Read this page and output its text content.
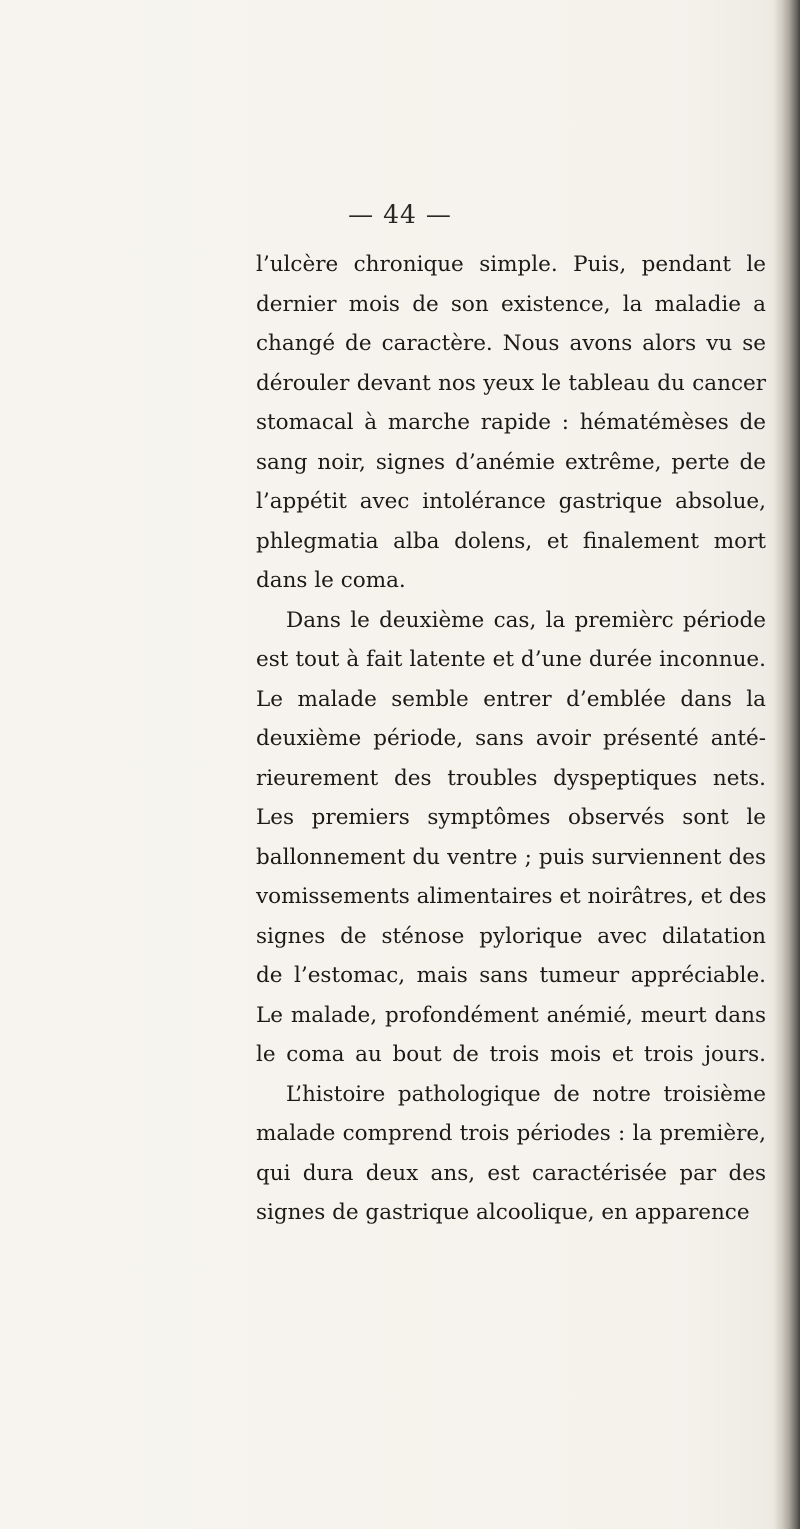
— 44 —
l’ulcère chronique simple. Puis, pendant le
dernier mois de son existence, la maladie a
changé de caractère. Nous avons alors vu se
dérouler devant nos yeux le tableau du cancer
stomacal à marche rapide : hématémèses de
sang noir, signes d’anémie extrême, perte de
l’appétit avec intolérance gastrique absolue,
phlegmatia alba dolens, et finalement mort
dans le coma.
Dans le deuxième cas, la premièrc période
est tout à fait latente et d’une durée inconnue.
Le malade semble entrer d’emblée dans la
deuxième période, sans avoir présenté anté-
rieurement des troubles dyspeptiques nets.
Les premiers symptômes observés sont le
ballonnement du ventre ; puis surviennent des
vomissements alimentaires et noirâtres, et des
signes de sténose pylorique avec dilatation
de l’estomac, mais sans tumeur appréciable.
Le malade, profondément anémié, meurt dans
le coma au bout de trois mois et trois jours.
L’histoire pathologique de notre troisième
malade comprend trois périodes : la première,
qui dura deux ans, est caractérisée par des
signes de gastrique alcoolique, en apparence
